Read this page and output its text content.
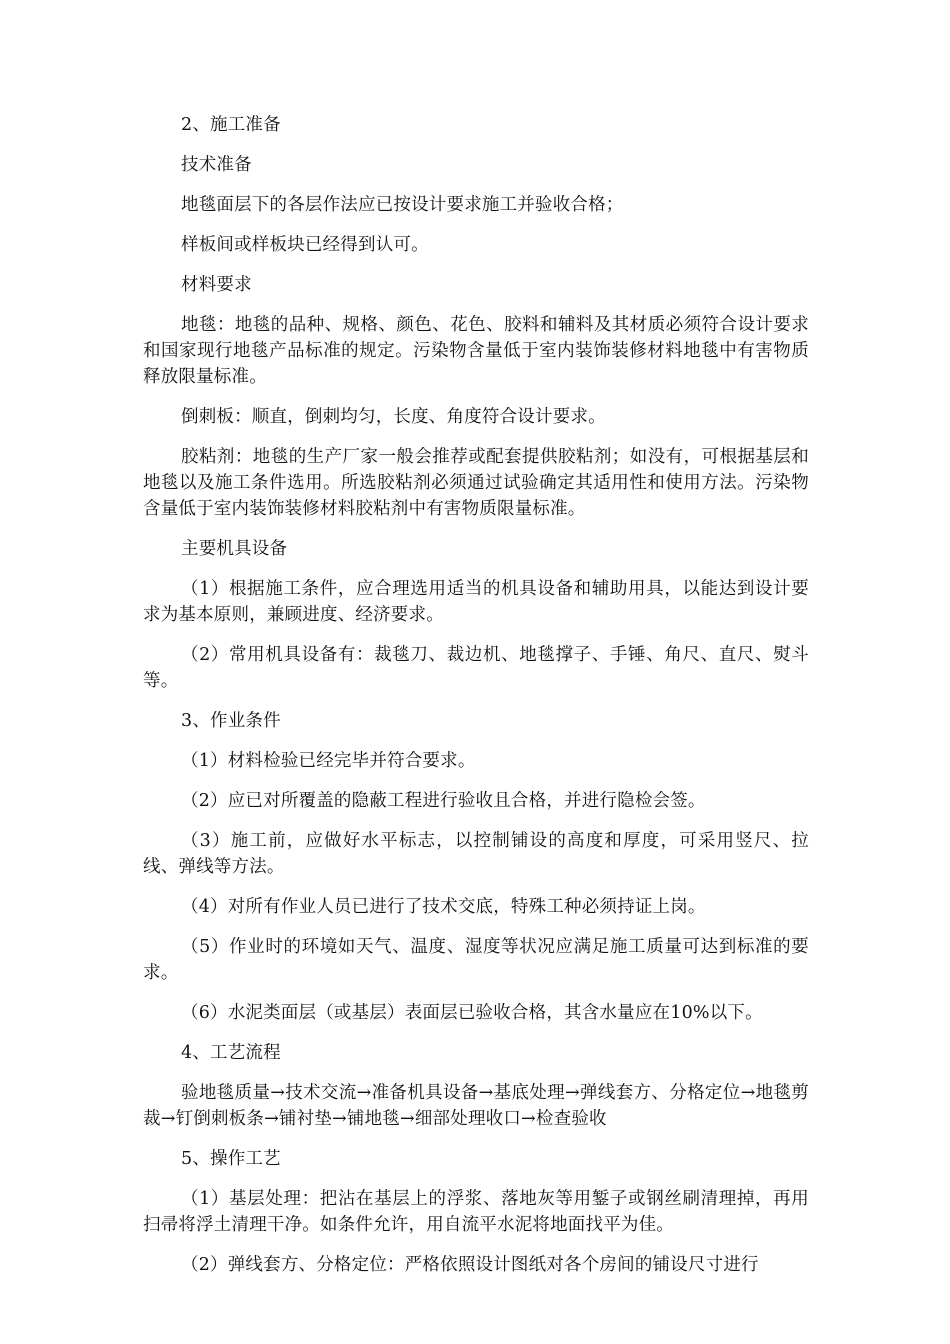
2、施工准备

技术准备

地毯面层下的各层作法应已按设计要求施工并验收合格；

样板间或样板块已经得到认可。

材料要求

地毯：地毯的品种、规格、颜色、花色、胶料和辅料及其材质必须符合设计要求和国家现行地毯产品标准的规定。污染物含量低于室内装饰装修材料地毯中有害物质释放限量标准。

倒刺板：顺直，倒刺均匀，长度、角度符合设计要求。

胶粘剂：地毯的生产厂家一般会推荐或配套提供胶粘剂；如没有，可根据基层和地毯以及施工条件选用。所选胶粘剂必须通过试验确定其适用性和使用方法。污染物含量低于室内装饰装修材料胶粘剂中有害物质限量标准。

主要机具设备

（1）根据施工条件，应合理选用适当的机具设备和辅助用具，以能达到设计要求为基本原则，兼顾进度、经济要求。

（2）常用机具设备有：裁毯刀、裁边机、地毯撑子、手锤、角尺、直尺、熨斗等。

3、作业条件

（1）材料检验已经完毕并符合要求。

（2）应已对所覆盖的隐蔽工程进行验收且合格，并进行隐检会签。

（3）施工前，应做好水平标志，以控制铺设的高度和厚度，可采用竖尺、拉线、弹线等方法。

（4）对所有作业人员已进行了技术交底，特殊工种必须持证上岗。

（5）作业时的环境如天气、温度、湿度等状况应满足施工质量可达到标准的要求。

（6）水泥类面层（或基层）表面层已验收合格，其含水量应在10%以下。

4、工艺流程

验地毯质量→技术交流→准备机具设备→基底处理→弹线套方、分格定位→地毯剪裁→钉倒刺板条→铺衬垫→铺地毯→细部处理收口→检查验收

5、操作工艺

（1）基层处理：把沾在基层上的浮浆、落地灰等用錾子或钢丝刷清理掉，再用扫帚将浮土清理干净。如条件允许，用自流平水泥将地面找平为佳。

（2）弹线套方、分格定位：严格依照设计图纸对各个房间的铺设尺寸进行
